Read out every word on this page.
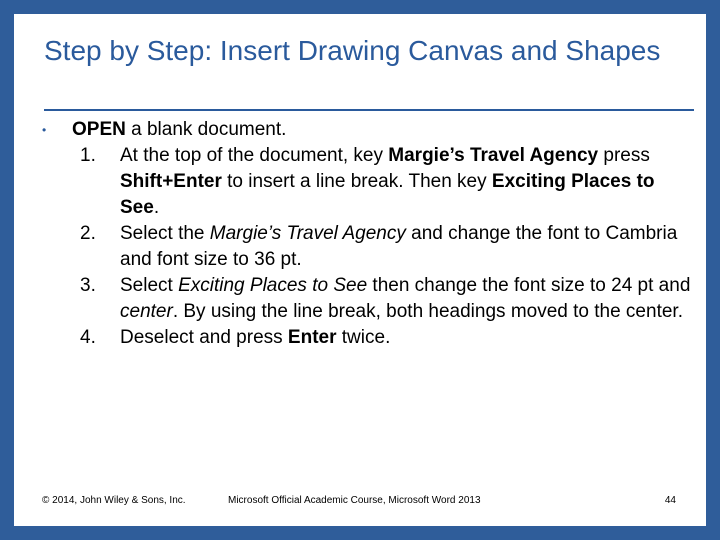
Step by Step: Insert Drawing Canvas and Shapes
• OPEN a blank document.
1.	At the top of the document, key Margie’s Travel Agency press Shift+Enter to insert a line break. Then key Exciting Places to See.
2.	Select the Margie’s Travel Agency and change the font to Cambria and font size to 36 pt.
3.	Select Exciting Places to See then change the font size to 24 pt and center. By using the line break, both headings moved to the center.
4.	Deselect and press Enter twice.
© 2014, John Wiley & Sons, Inc.	Microsoft Official Academic Course, Microsoft Word 2013	44
